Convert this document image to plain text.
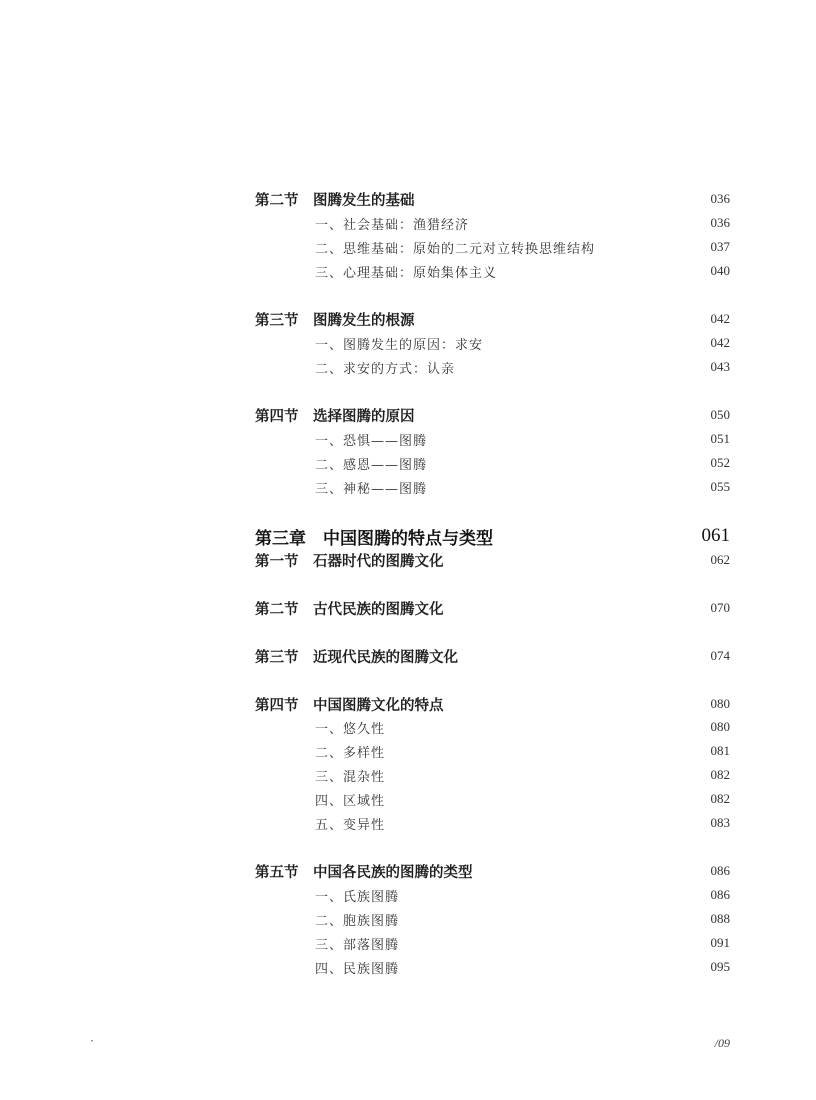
第二节　图腾发生的基础	036
一、社会基础：渔猎经济	036
二、思维基础：原始的二元对立转换思维结构	037
三、心理基础：原始集体主义	040
第三节　图腾发生的根源	042
一、图腾发生的原因：求安	042
二、求安的方式：认亲	043
第四节　选择图腾的原因	050
一、恐惧——图腾	051
二、感恩——图腾	052
三、神秘——图腾	055
第三章　中国图腾的特点与类型	061
第一节　石器时代的图腾文化	062
第二节　古代民族的图腾文化	070
第三节　近现代民族的图腾文化	074
第四节　中国图腾文化的特点	080
一、悠久性	080
二、多样性	081
三、混杂性	082
四、区域性	082
五、变异性	083
第五节　中国各民族的图腾的类型	086
一、氏族图腾	086
二、胞族图腾	088
三、部落图腾	091
四、民族图腾	095
·	/09
